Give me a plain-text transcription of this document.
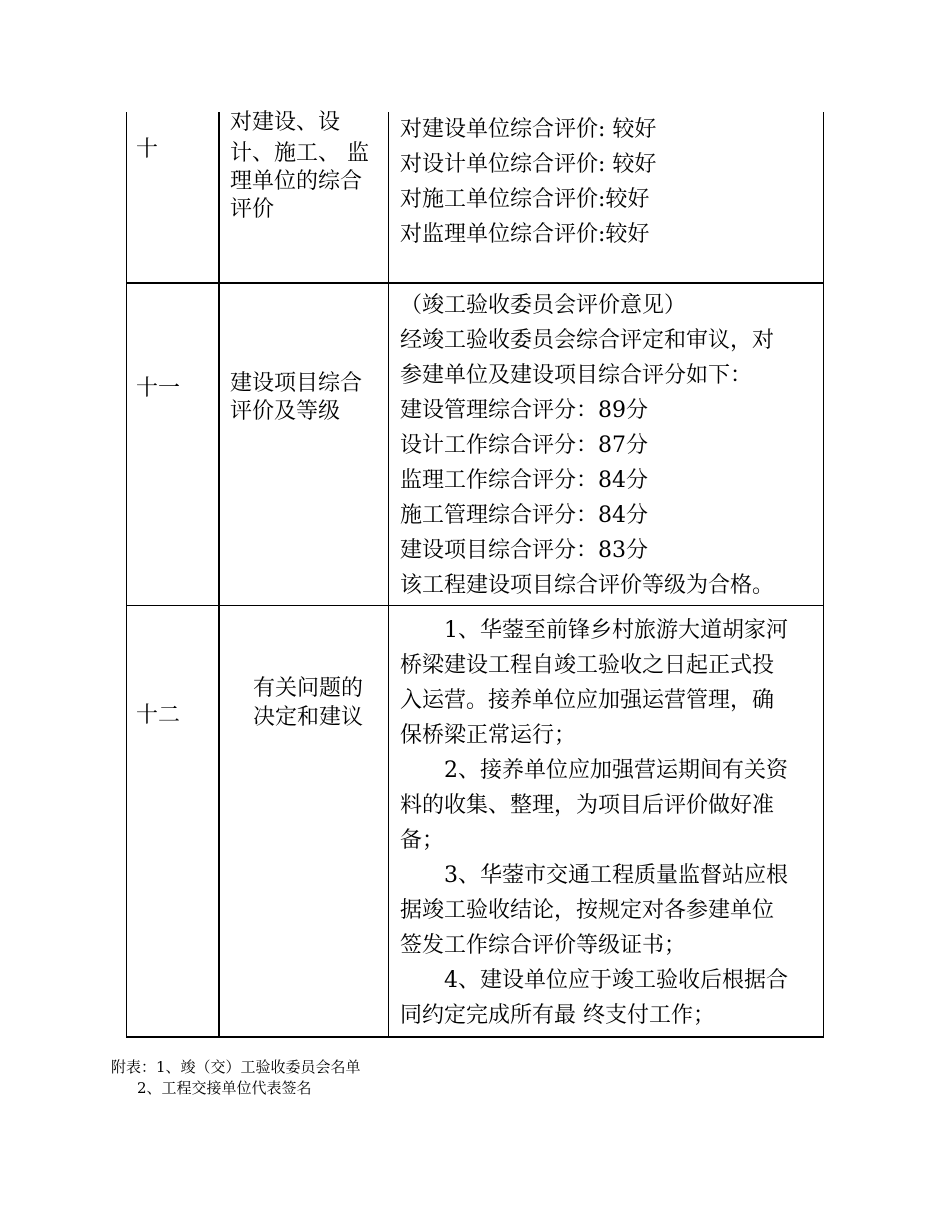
十
对建设、设
计、施工、 监
理单位的综合
评价
对建设单位综合评价: 较好
对设计单位综合评价: 较好
对施工单位综合评价:较好
对监理单位综合评价:较好
十一 建设项目综合
评价及等级
（竣工验收委员会评价意见）
经竣工验收委员会综合评定和审议，对
参建单位及建设项目综合评分如下：
建设管理综合评分：89分
设计工作综合评分：87分
监理工作综合评分：84分
施工管理综合评分：84分
建设项目综合评分：83分
该工程建设项目综合评价等级为合格。
十二
有关问题的
决定和建议
1、华蓥至前锋乡村旅游大道胡家河
桥梁建设工程自竣工验收之日起正式投
入运营。接养单位应加强运营管理，确
保桥梁正常运行；
2、接养单位应加强营运期间有关资
料的收集、整理，为项目后评价做好准
备；
3、华蓥市交通工程质量监督站应根
据竣工验收结论，按规定对各参建单位
签发工作综合评价等级证书；
4、建设单位应于竣工验收后根据合
同约定完成所有最 终支付工作；
附表：1、竣（交）工验收委员会名单
2、工程交接单位代表签名
